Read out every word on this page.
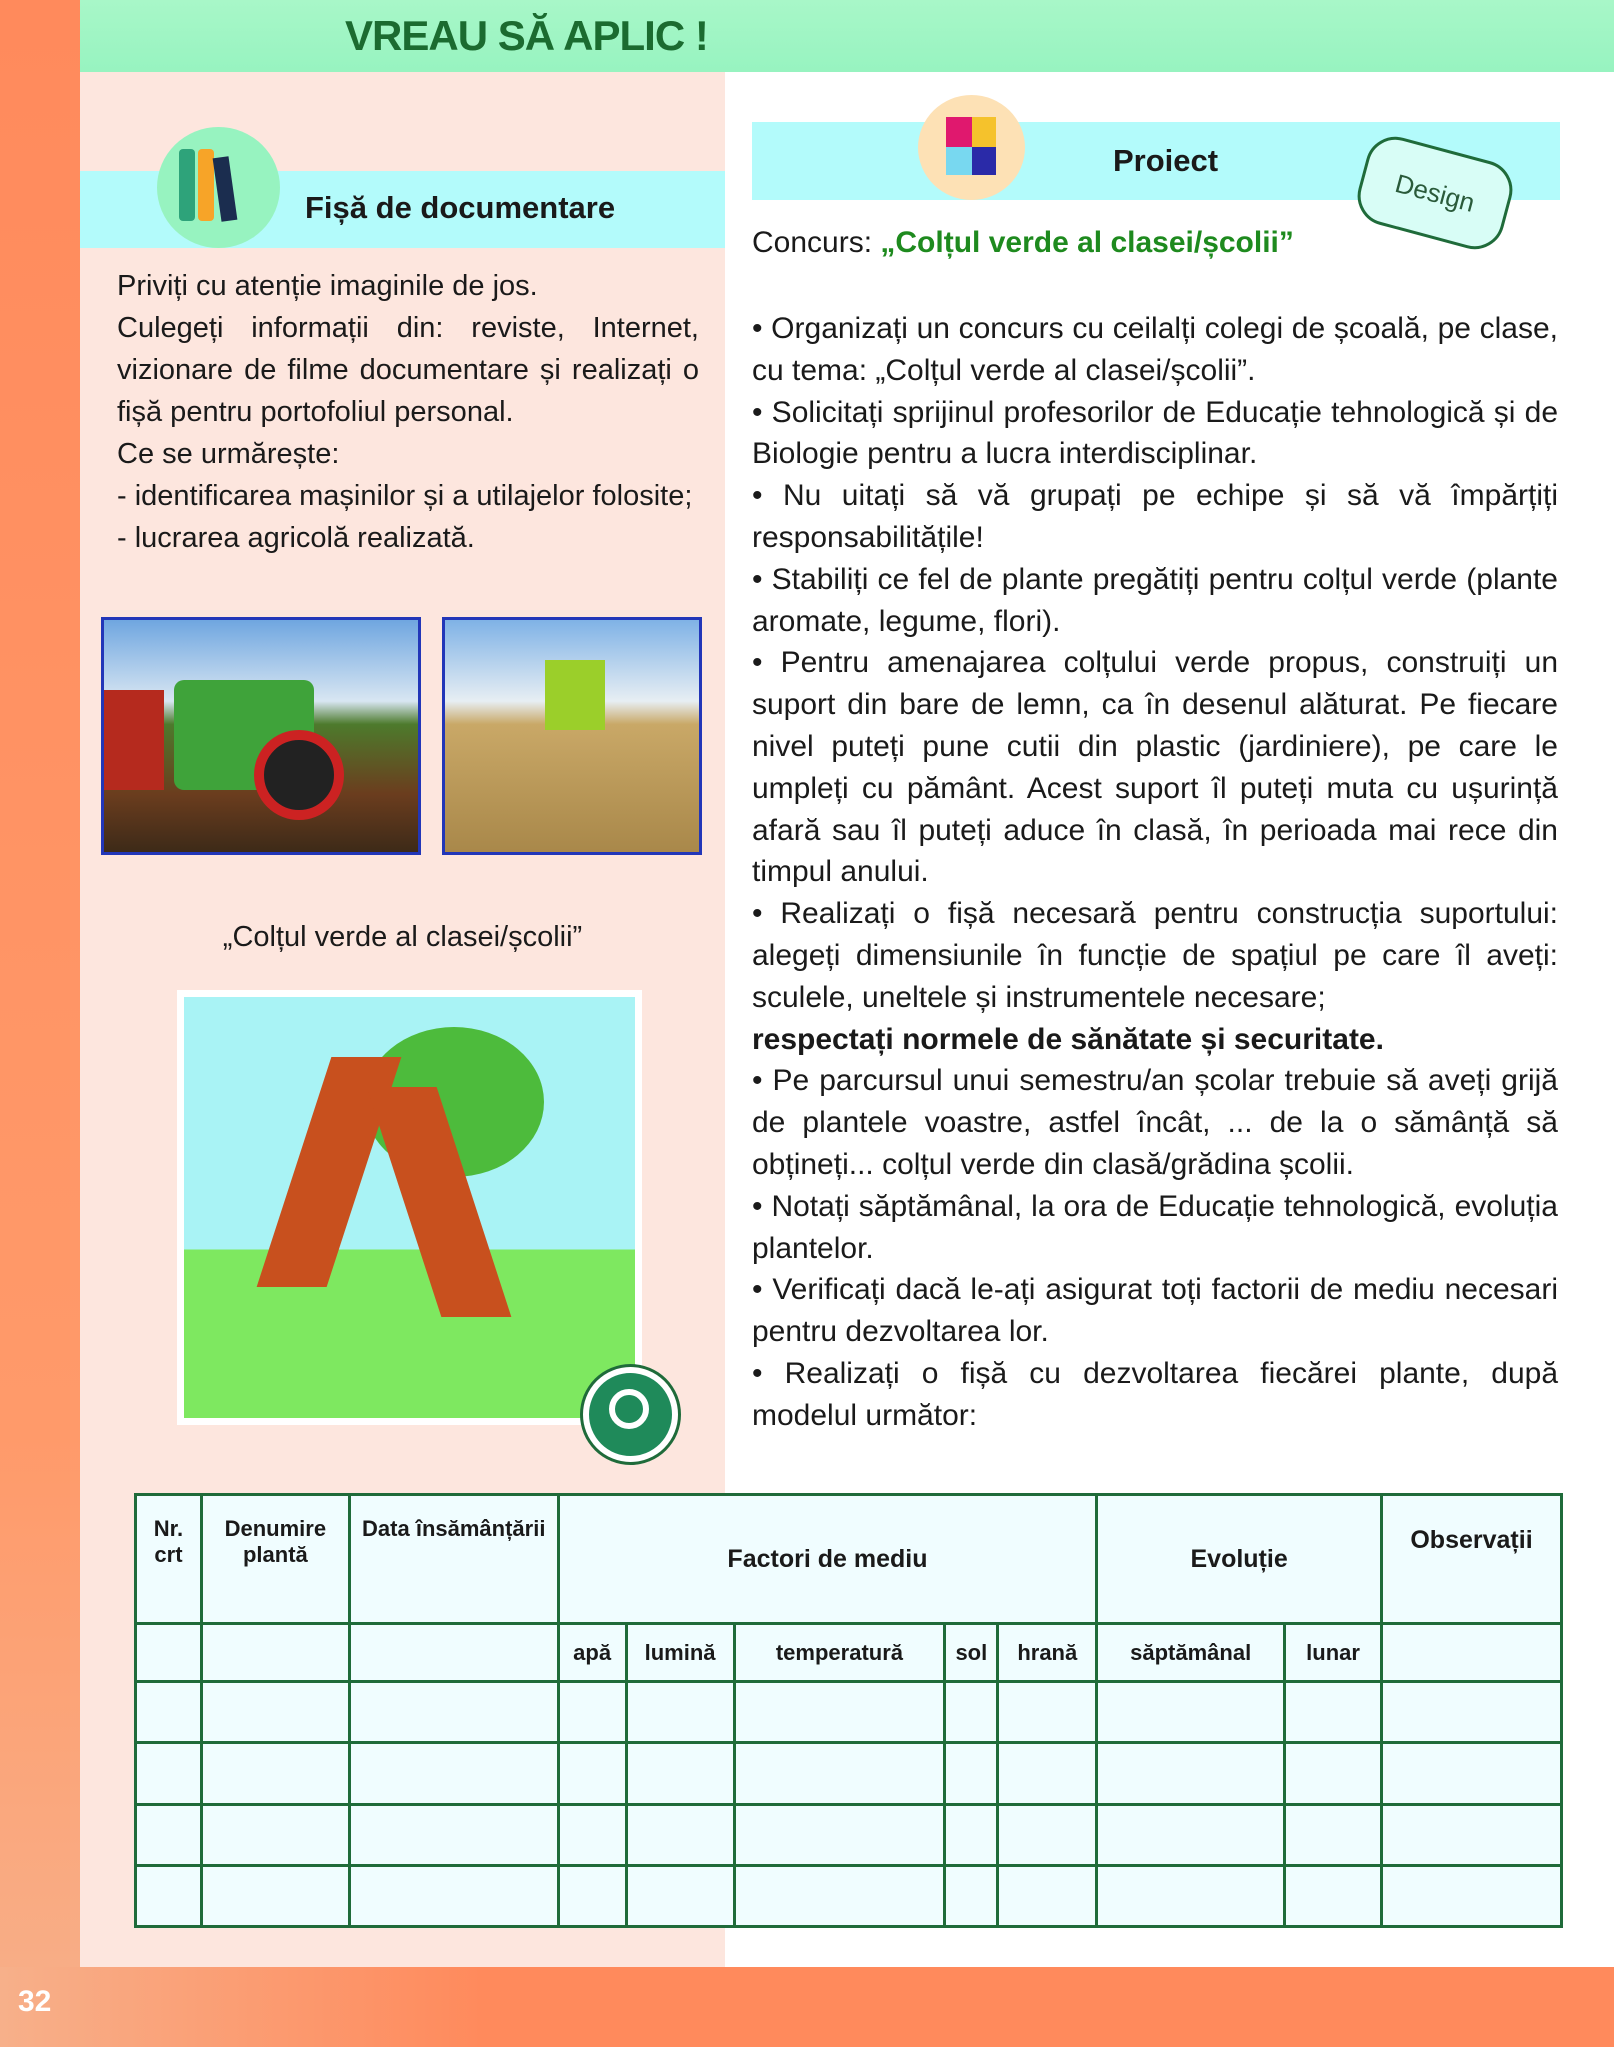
VREAU SĂ APLIC !
32
Fișă de documentare
Priviți cu atenție imaginile de jos.
Culegeți informații din: reviste, Internet, vizionare de filme documentare și realizați o fișă pentru portofoliul personal.
Ce se urmărește:
- identificarea mașinilor și a utilajelor folosite;
- lucrarea agricolă realizată.
„Colțul verde al clasei/școlii”
Proiect
Design
Concurs: „Colțul verde al clasei/școlii”
• Organizați un concurs cu ceilalți colegi de școală, pe clase, cu tema: „Colțul verde al clasei/școlii”.
• Solicitați sprijinul profesorilor de Educație tehnologică și de Biologie pentru a lucra interdisciplinar.
• Nu uitați să vă grupați pe echipe și să vă împărțiți responsabilitățile!
• Stabiliți ce fel de plante pregătiți pentru colțul verde (plante aromate, legume, flori).
• Pentru amenajarea colțului verde propus, construiți un suport din bare de lemn, ca în desenul alăturat. Pe fiecare nivel puteți pune cutii din plastic (jardiniere), pe care le umpleți cu pământ. Acest suport îl puteți muta cu ușurință afară sau îl puteți aduce în clasă, în perioada mai rece din timpul anului.
• Realizați o fișă necesară pentru construcția suportului: alegeți dimensiunile în funcție de spațiul pe care îl aveți: sculele, uneltele și instrumentele necesare;
respectați normele de sănătate și securitate.
• Pe parcursul unui semestru/an școlar trebuie să aveți grijă de plantele voastre, astfel încât, ... de la o sămânță să obțineți... colțul verde din clasă/grădina școlii.
• Notați săptămânal, la ora de Educație tehnologică, evoluția plantelor.
• Verificați dacă le-ați asigurat toți factorii de mediu necesari pentru dezvoltarea lor.
• Realizați o fișă cu dezvoltarea fiecărei plante, după modelul următor:
Nr. crt	Denumire plantă	Data însămânțării	Factori de mediu					Evoluție		Observații
			apă	lumină	temperatură	sol	hrană	săptămânal	lunar	
